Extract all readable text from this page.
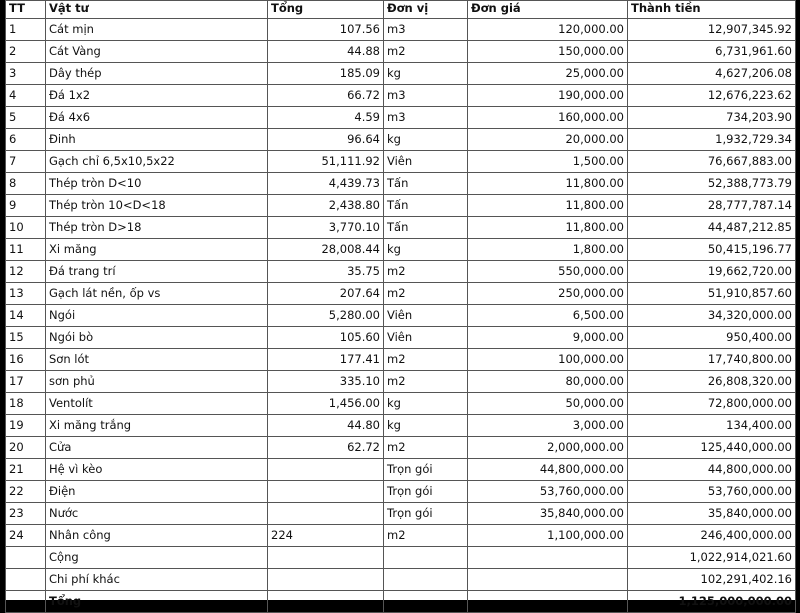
TT	Vật tư	Tổng	Đơn vị	Đơn giá	Thành tiền
1	Cát mịn	107.56	m3	120,000.00	12,907,345.92
2	Cát Vàng	44.88	m2	150,000.00	6,731,961.60
3	Dây thép	185.09	kg	25,000.00	4,627,206.08
4	Đá 1x2	66.72	m3	190,000.00	12,676,223.62
5	Đá 4x6	4.59	m3	160,000.00	734,203.90
6	Đinh	96.64	kg	20,000.00	1,932,729.34
7	Gạch chỉ 6,5x10,5x22	51,111.92	Viên	1,500.00	76,667,883.00
8	Thép tròn D<10	4,439.73	Tấn	11,800.00	52,388,773.79
9	Thép tròn 10<D<18	2,438.80	Tấn	11,800.00	28,777,787.14
10	Thép tròn D>18	3,770.10	Tấn	11,800.00	44,487,212.85
11	Xi măng	28,008.44	kg	1,800.00	50,415,196.77
12	Đá trang trí	35.75	m2	550,000.00	19,662,720.00
13	Gạch lát nền, ốp vs	207.64	m2	250,000.00	51,910,857.60
14	Ngói	5,280.00	Viên	6,500.00	34,320,000.00
15	Ngói bò	105.60	Viên	9,000.00	950,400.00
16	Sơn lót	177.41	m2	100,000.00	17,740,800.00
17	sơn phủ	335.10	m2	80,000.00	26,808,320.00
18	Ventolít	1,456.00	kg	50,000.00	72,800,000.00
19	Xi măng trắng	44.80	kg	3,000.00	134,400.00
20	Cửa	62.72	m2	2,000,000.00	125,440,000.00
21	Hệ vì kèo		Trọn gói	44,800,000.00	44,800,000.00
22	Điện		Trọn gói	53,760,000.00	53,760,000.00
23	Nước		Trọn gói	35,840,000.00	35,840,000.00
24	Nhân công	224	m2	1,100,000.00	246,400,000.00
	Cộng				1,022,914,021.60
	Chi phí khác				102,291,402.16
	Tổng				1,125,000,000.00
